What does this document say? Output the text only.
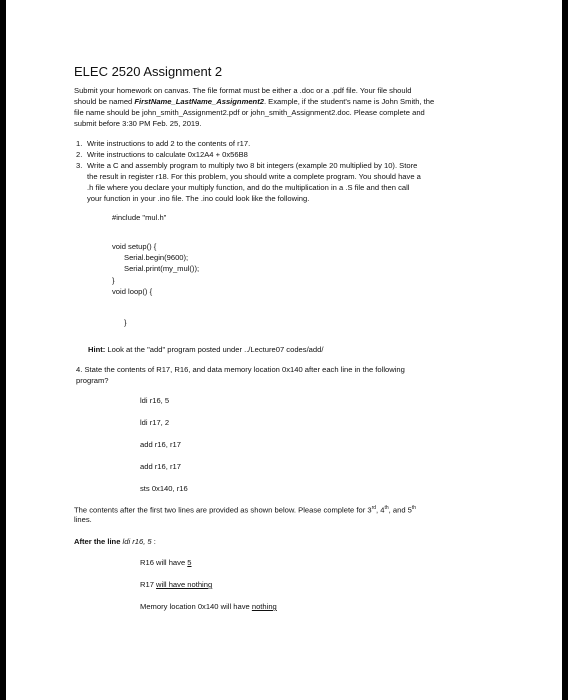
ELEC 2520 Assignment 2
Submit your homework on canvas. The file format must be either a .doc or a .pdf file. Your file should
should be named FirstName_LastName_Assignment2. Example, if the student's name is John Smith, the
file name should be john_smith_Assignment2.pdf or john_smith_Assignment2.doc. Please complete and
submit before 3:30 PM Feb. 25, 2019.
1. Write instructions to add 2 to the contents of r17.
2. Write instructions to calculate 0x12A4 + 0x56B8
3. Write a C and assembly program to multiply two 8 bit integers (example 20 multiplied by 10). Store
the result in register r18. For this problem, you should write a complete program. You should have a
.h file where you declare your multiply function, and do the multiplication in a .S file and then call
your function in your .ino file. The .ino could look like the following.
#include "mul.h"
void setup() {
Serial.begin(9600);
Serial.print(my_mul());
}
void loop() {
}
Hint: Look at the "add" program posted under ../Lecture07 codes/add/
4. State the contents of R17, R16, and data memory location 0x140 after each line in the following
program?
ldi r16, 5
ldi r17, 2
add r16, r17
add r16, r17
sts 0x140, r16
The contents after the first two lines are provided as shown below. Please complete for 3rd, 4th, and 5th
lines.
After the line ldi r16, 5 :
R16 will have 5
R17 will have nothing
Memory location 0x140 will have nothing
